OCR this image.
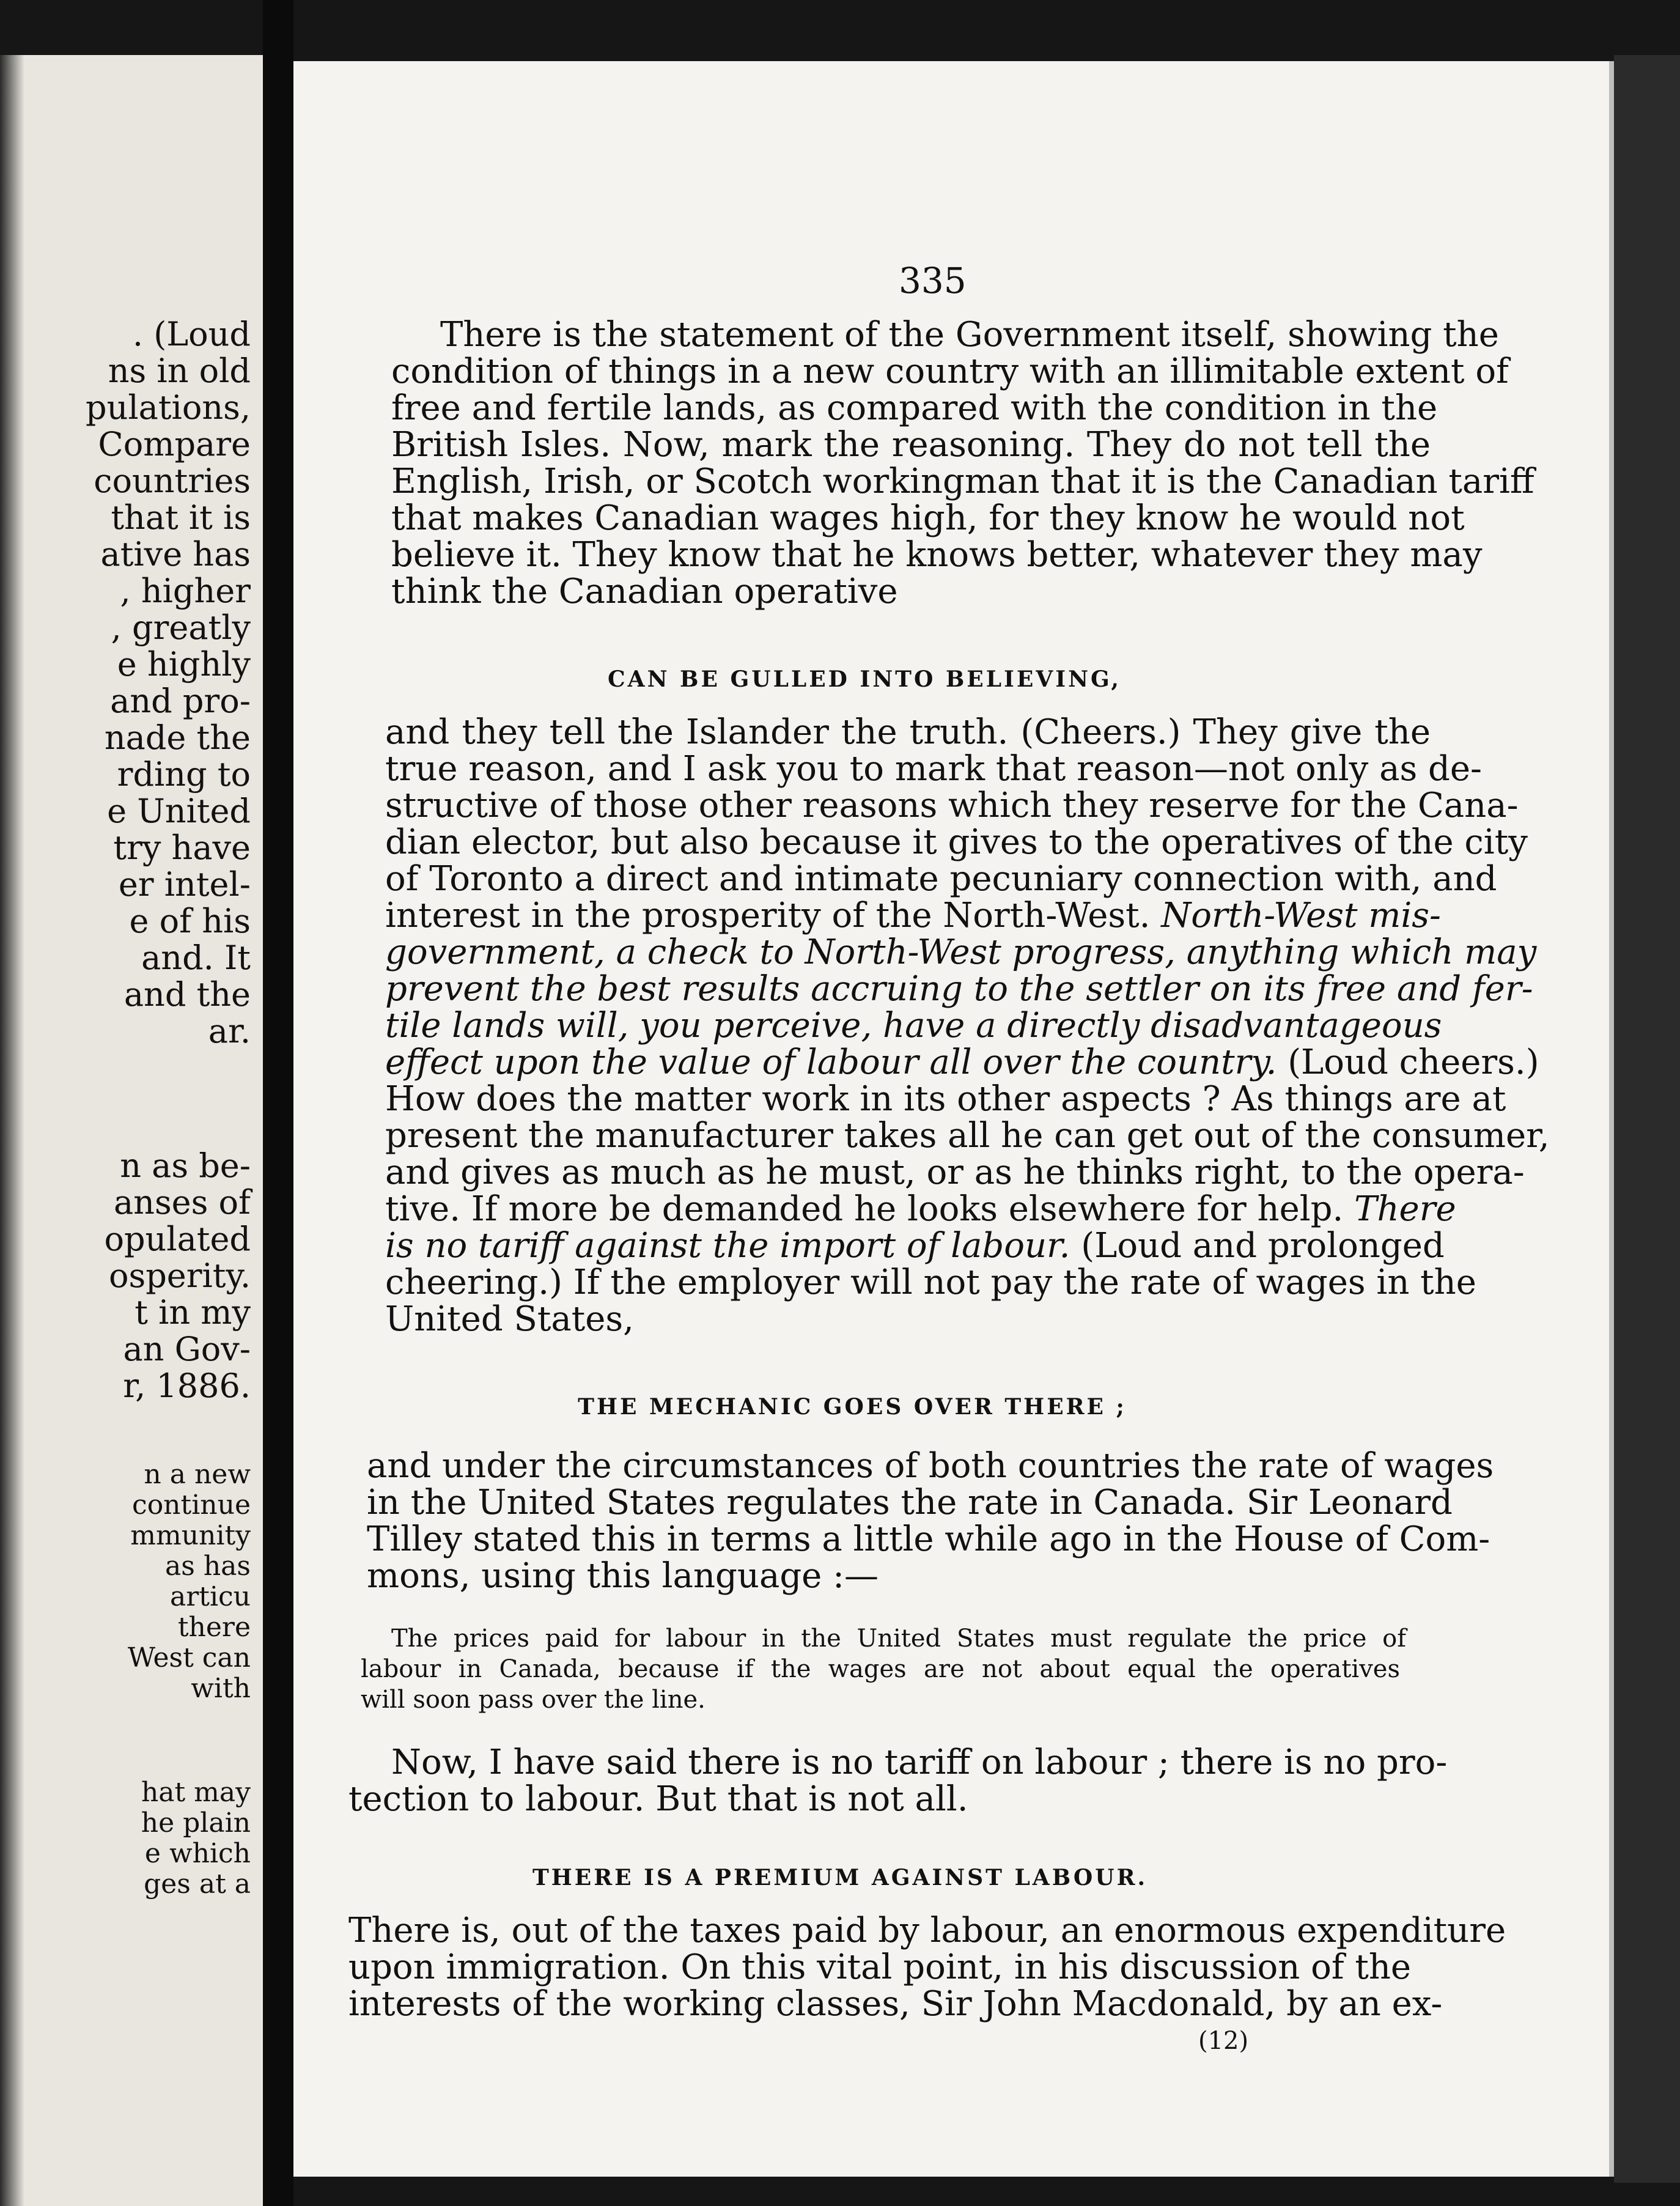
. (Loud
ns in old
pulations,
Compare
countries
that it is
ative has
, higher
, greatly
e highly
and pro-
nade the
rding to
e United
try have
er intel-
e of his
and. It
and the
ar.
n as be-
anses of
opulated
osperity.
t in my
an Gov-
r, 1886.
n a new
continue
mmunity
as has
articu
there
West can
with
hat may
he plain
e which
ges at a
335
There is the statement of the Government itself, showing the
condition of things in a new country with an illimitable extent of
free and fertile lands, as compared with the condition in the
British Isles. Now, mark the reasoning. They do not tell the
English, Irish, or Scotch workingman that it is the Canadian tariff
that makes Canadian wages high, for they know he would not
believe it. They know that he knows better, whatever they may
think the Canadian operative
CAN BE GULLED INTO BELIEVING,
and they tell the Islander the truth. (Cheers.) They give the
true reason, and I ask you to mark that reason—not only as de-
structive of those other reasons which they reserve for the Cana-
dian elector, but also because it gives to the operatives of the city
of Toronto a direct and intimate pecuniary connection with, and
interest in the prosperity of the North-West. North-West mis-
government, a check to North-West progress, anything which may
prevent the best results accruing to the settler on its free and fer-
tile lands will, you perceive, have a directly disadvantageous
effect upon the value of labour all over the country. (Loud cheers.)
How does the matter work in its other aspects ? As things are at
present the manufacturer takes all he can get out of the consumer,
and gives as much as he must, or as he thinks right, to the opera-
tive. If more be demanded he looks elsewhere for help. There
is no tariff against the import of labour. (Loud and prolonged
cheering.) If the employer will not pay the rate of wages in the
United States,
THE MECHANIC GOES OVER THERE ;
and under the circumstances of both countries the rate of wages
in the United States regulates the rate in Canada. Sir Leonard
Tilley stated this in terms a little while ago in the House of Com-
mons, using this language :—
The prices paid for labour in the United States must regulate the price of
labour in Canada, because if the wages are not about equal the operatives
will soon pass over the line.
Now, I have said there is no tariff on labour ; there is no pro-
tection to labour. But that is not all.
THERE IS A PREMIUM AGAINST LABOUR.
There is, out of the taxes paid by labour, an enormous expenditure
upon immigration. On this vital point, in his discussion of the
interests of the working classes, Sir John Macdonald, by an ex-
(12)
